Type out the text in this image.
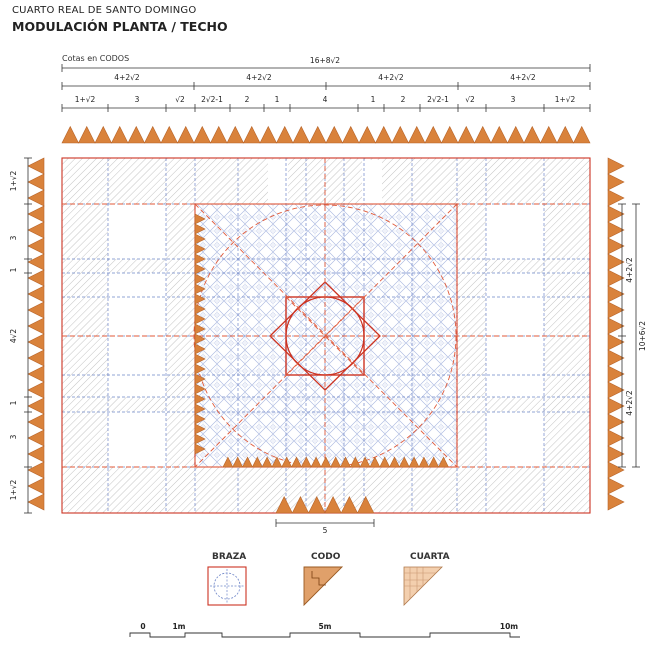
CUARTO REAL DE SANTO DOMINGO
MODULACIÓN PLANTA / TECHO
Cotas en CODOS
BRAZA	CODO	CUARTA
16+8√2
4+2√2	4+2√2	4+2√2	4+2√2
1+√2	3	√2 2√2-1	2	1	4	1	2	2√2-1 √2	3	1+√2
1+√2
3
1
4√2
1
3
1+√2
4+2√2
4+2√2
10+6√2
5
0	1m	5m	10m
